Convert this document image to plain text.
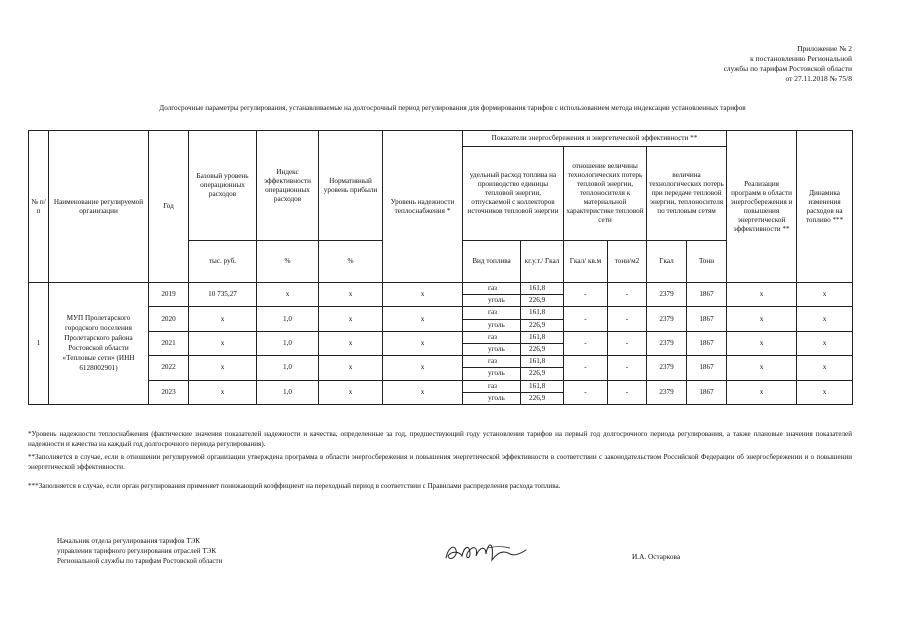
Приложение № 2
к постановлению Региональной
службы по тарифам Ростовской области
от 27.11.2018 № 75/8
Долгосрочные параметры регулирования, устанавливаемые на долгосрочный период регулирования для формирования тарифов с использованием метода индексации установленных тарифов
№ п/п	Наименование регулируемой организации	Год	Базовый уровень операционных расходов	Индекс эффективности операционных расходов	Нормативный уровень прибыли	Уровень надежности теплоснабжения *	Показатели энергосбережения и энергетической эффективности **						Реализация программ в области энергосбережения и повышения энергетической эффективности **	Динамика изменения расходов на топливо ***
							удельный расход топлива на производство единицы тепловой энергии, отпускаемой с коллекторов источников тепловой энергии		отношение величины технологических потерь тепловой энергии, теплоносителя к материальной характеристике тепловой сети		величина технологических потерь при передаче тепловой энергии, теплоносителя по тепловым сетям			
			тыс. руб.	%	%		Вид топлива	кг.у.т./ Гкал	Гкал/ кв.м	тонн/м2	Гкал	Тонн		

1	МУП Пролетарского городского поселения Пролетарского района Ростовской области «Тепловые сети» (ИНН 6128002901)	2019	10 735,27	х	х	х	газ	161,8	-	-	2379	1867	х	х
							уголь	226,9						
		2020	х	1,0	х	х	газ	161,8	-	-	2379	1867	х	х
							уголь	226,9						
		2021	х	1,0	х	х	газ	161,8	-	-	2379	1867	х	х
							уголь	226,9						
		2022	х	1,0	х	х	газ	161,8	-	-	2379	1867	х	х
							уголь	226,9						
		2023	х	1,0	х	х	газ	161,8	-	-	2379	1867	х	х
							уголь	226,9						
*Уровень надежности теплоснабжения (фактические значения показателей надежности и качества, определенные за год, предшествующий году установления тарифов на первый год долгосрочного периода регулирования, а также плановые значения показателей надежности и качества на каждый год долгосрочного периода регулирования).
**Заполняется в случае, если в отношении регулируемой организации утверждена программа в области энергосбережения и повышения энергетической эффективности в соответствии с законодательством Российской Федерации об энергосбережении и о повышении энергетической эффективности.
***Заполняется в случае, если орган регулирования применяет понижающий коэффициент на переходный период в соответствии с Правилами распределения расхода топлива.
Начальник отдела регулирования тарифов ТЭК
управления тарифного регулирования отраслей ТЭК
Региональной службы по тарифам Ростовской области	И.А. Остаркова
